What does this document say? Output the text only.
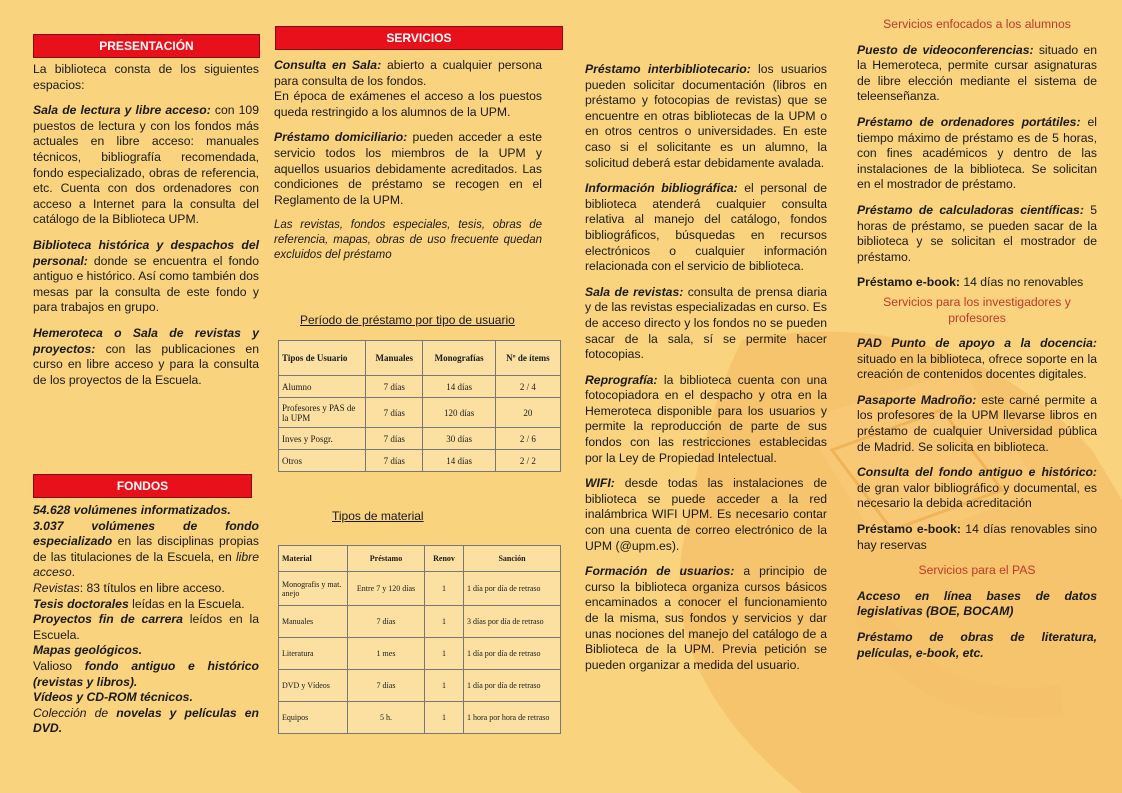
PRESENTACIÓN

La biblioteca consta de los siguientes espacios:

Sala de lectura y libre acceso: con 109 puestos de lectura y con los fondos más actuales en libre acceso: manuales técnicos, bibliografía recomendada, fondo especializado, obras de referencia, etc. Cuenta con dos ordenadores con acceso a Internet para la consulta del catálogo de la Biblioteca UPM.

Biblioteca histórica y despachos del personal: donde se encuentra el fondo antiguo e histórico. Así como también dos mesas par la consulta de este fondo y para trabajos en grupo.

Hemeroteca o Sala de revistas y proyectos: con las publicaciones en curso en libre acceso y para la consulta de los proyectos de la Escuela.

FONDOS

54.628 volúmenes informatizados.

3.037 volúmenes de fondo especializado en las disciplinas propias de las titulaciones de la Escuela, en libre acceso.

Revistas: 83 títulos en libre acceso.

Tesis doctorales leídas en la Escuela.

Proyectos fin de carrera leídos en la Escuela.

Mapas geológicos.

Valioso fondo antiguo e histórico (revistas y libros).

Vídeos y CD-ROM técnicos.

Colección de novelas y películas en DVD.

SERVICIOS

Consulta en Sala: abierto a cualquier persona para consulta de los fondos.

En época de exámenes el acceso a los puestos queda restringido a los alumnos de la UPM.

Préstamo domiciliario: pueden acceder a este servicio todos los miembros de la UPM y aquellos usuarios debidamente acreditados. Las condiciones de préstamo se recogen en el Reglamento de la UPM.

Las revistas, fondos especiales, tesis, obras de referencia, mapas, obras de uso frecuente quedan excluidos del préstamo

Período de préstamo por tipo de usuario
Tipos de Usuario	Manuales	Monografías	Nº de ítems
Alumno	7 días	14 días	2 / 4
Profesores y PAS de la UPM	7 días	120 días	20
Inves y Posgr.	7 días	30 días	2 / 6
Otros	7 días	14 días	2 / 2
Tipos de material
Material	Préstamo	Renov	Sanción
Monografis y mat. anejo	Entre 7 y 120 días	1	1 día por día de retraso
Manuales	7 días	1	3 días por día de retraso
Literatura	1 mes	1	1 día por día de retraso
DVD y Vídeos	7 días	1	1 día por día de retraso
Equipos	5 h.	1	1 hora por hora de retraso

Préstamo interbibliotecario: los usuarios pueden solicitar documentación (libros en préstamo y fotocopias de revistas) que se encuentre en otras bibliotecas de la UPM o en otros centros o universidades. En este caso si el solicitante es un alumno, la solicitud deberá estar debidamente avalada.

Información bibliográfica: el personal de biblioteca atenderá cualquier consulta relativa al manejo del catálogo, fondos bibliográficos, búsquedas en recursos electrónicos o cualquier información relacionada con el servicio de biblioteca.

Sala de revistas: consulta de prensa diaria y de las revistas especializadas en curso. Es de acceso directo y los fondos no se pueden sacar de la sala, sí se permite hacer fotocopias.

Reprografía: la biblioteca cuenta con una fotocopiadora en el despacho y otra en la Hemeroteca disponible para los usuarios y permite la reproducción de parte de sus fondos con las restricciones establecidas por la Ley de Propiedad Intelectual.

WIFI: desde todas las instalaciones de biblioteca se puede acceder a la red inalámbrica WIFI UPM. Es necesario contar con una cuenta de correo electrónico de la UPM (@upm.es).

Formación de usuarios: a principio de curso la biblioteca organiza cursos básicos encaminados a conocer el funcionamiento de la misma, sus fondos y servicios y dar unas nociones del manejo del catálogo de a Biblioteca de la UPM. Previa petición se pueden organizar a medida del usuario.

Servicios enfocados a los alumnos

Puesto de videoconferencias: situado en la Hemeroteca, permite cursar asignaturas de libre elección mediante el sistema de teleenseñanza.

Préstamo de ordenadores portátiles: el tiempo máximo de préstamo es de 5 horas, con fines académicos y dentro de las instalaciones de la biblioteca. Se solicitan en el mostrador de préstamo.

Préstamo de calculadoras científicas: 5 horas de préstamo, se pueden sacar de la biblioteca y se solicitan el mostrador de préstamo.

Préstamo e-book: 14 días no renovables

Servicios para los investigadores y profesores

PAD Punto de apoyo a la docencia: situado en la biblioteca, ofrece soporte en la creación de contenidos docentes digitales.

Pasaporte Madroño: este carné permite a los profesores de la UPM llevarse libros en préstamo de cualquier Universidad pública de Madrid. Se solicita en biblioteca.

Consulta del fondo antiguo e histórico: de gran valor bibliográfico y documental, es necesario la debida acreditación

Préstamo e-book: 14 días renovables sino hay reservas

Servicios para el PAS

Acceso en línea bases de datos legislativas (BOE, BOCAM)

Préstamo de obras de literatura, películas, e-book, etc.
